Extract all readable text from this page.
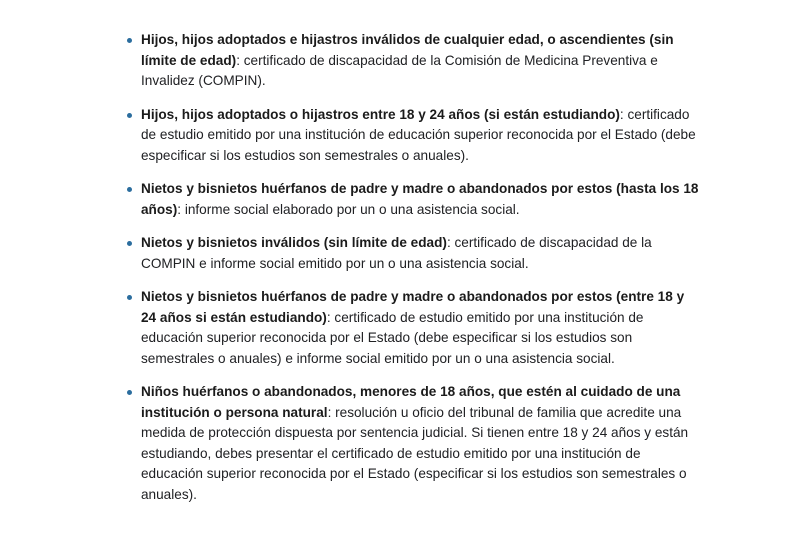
Hijos, hijos adoptados e hijastros inválidos de cualquier edad, o ascendientes (sin límite de edad): certificado de discapacidad de la Comisión de Medicina Preventiva e Invalidez (COMPIN).
Hijos, hijos adoptados o hijastros entre 18 y 24 años (si están estudiando): certificado de estudio emitido por una institución de educación superior reconocida por el Estado (debe especificar si los estudios son semestrales o anuales).
Nietos y bisnietos huérfanos de padre y madre o abandonados por estos (hasta los 18 años): informe social elaborado por un o una asistencia social.
Nietos y bisnietos inválidos (sin límite de edad): certificado de discapacidad de la COMPIN e informe social emitido por un o una asistencia social.
Nietos y bisnietos huérfanos de padre y madre o abandonados por estos (entre 18 y 24 años si están estudiando): certificado de estudio emitido por una institución de educación superior reconocida por el Estado (debe especificar si los estudios son semestrales o anuales) e informe social emitido por un o una asistencia social.
Niños huérfanos o abandonados, menores de 18 años, que estén al cuidado de una institución o persona natural: resolución u oficio del tribunal de familia que acredite una medida de protección dispuesta por sentencia judicial. Si tienen entre 18 y 24 años y están estudiando, debes presentar el certificado de estudio emitido por una institución de educación superior reconocida por el Estado (especificar si los estudios son semestrales o anuales).
